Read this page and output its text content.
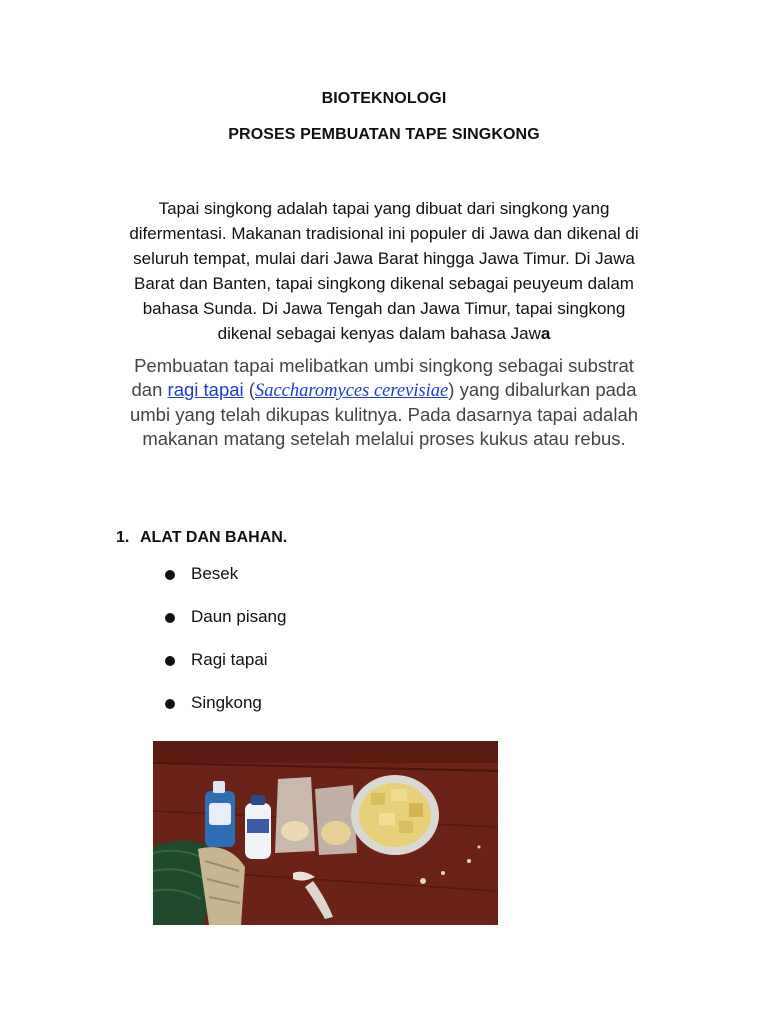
BIOTEKNOLOGI
PROSES PEMBUATAN TAPE SINGKONG
Tapai singkong adalah tapai yang dibuat dari singkong yang
difermentasi. Makanan tradisional ini populer di Jawa dan dikenal di
seluruh tempat, mulai dari Jawa Barat hingga Jawa Timur. Di Jawa
Barat dan Banten, tapai singkong dikenal sebagai peuyeum dalam
bahasa Sunda. Di Jawa Tengah dan Jawa Timur, tapai singkong
dikenal sebagai kenyas dalam bahasa Jawa
Pembuatan tapai melibatkan umbi singkong sebagai substrat
dan ragi tapai (Saccharomyces cerevisiae) yang dibalurkan pada
umbi yang telah dikupas kulitnya. Pada dasarnya tapai adalah
makanan matang setelah melalui proses kukus atau rebus.
1. ALAT DAN BAHAN.
Besek
Daun pisang
Ragi tapai
Singkong
